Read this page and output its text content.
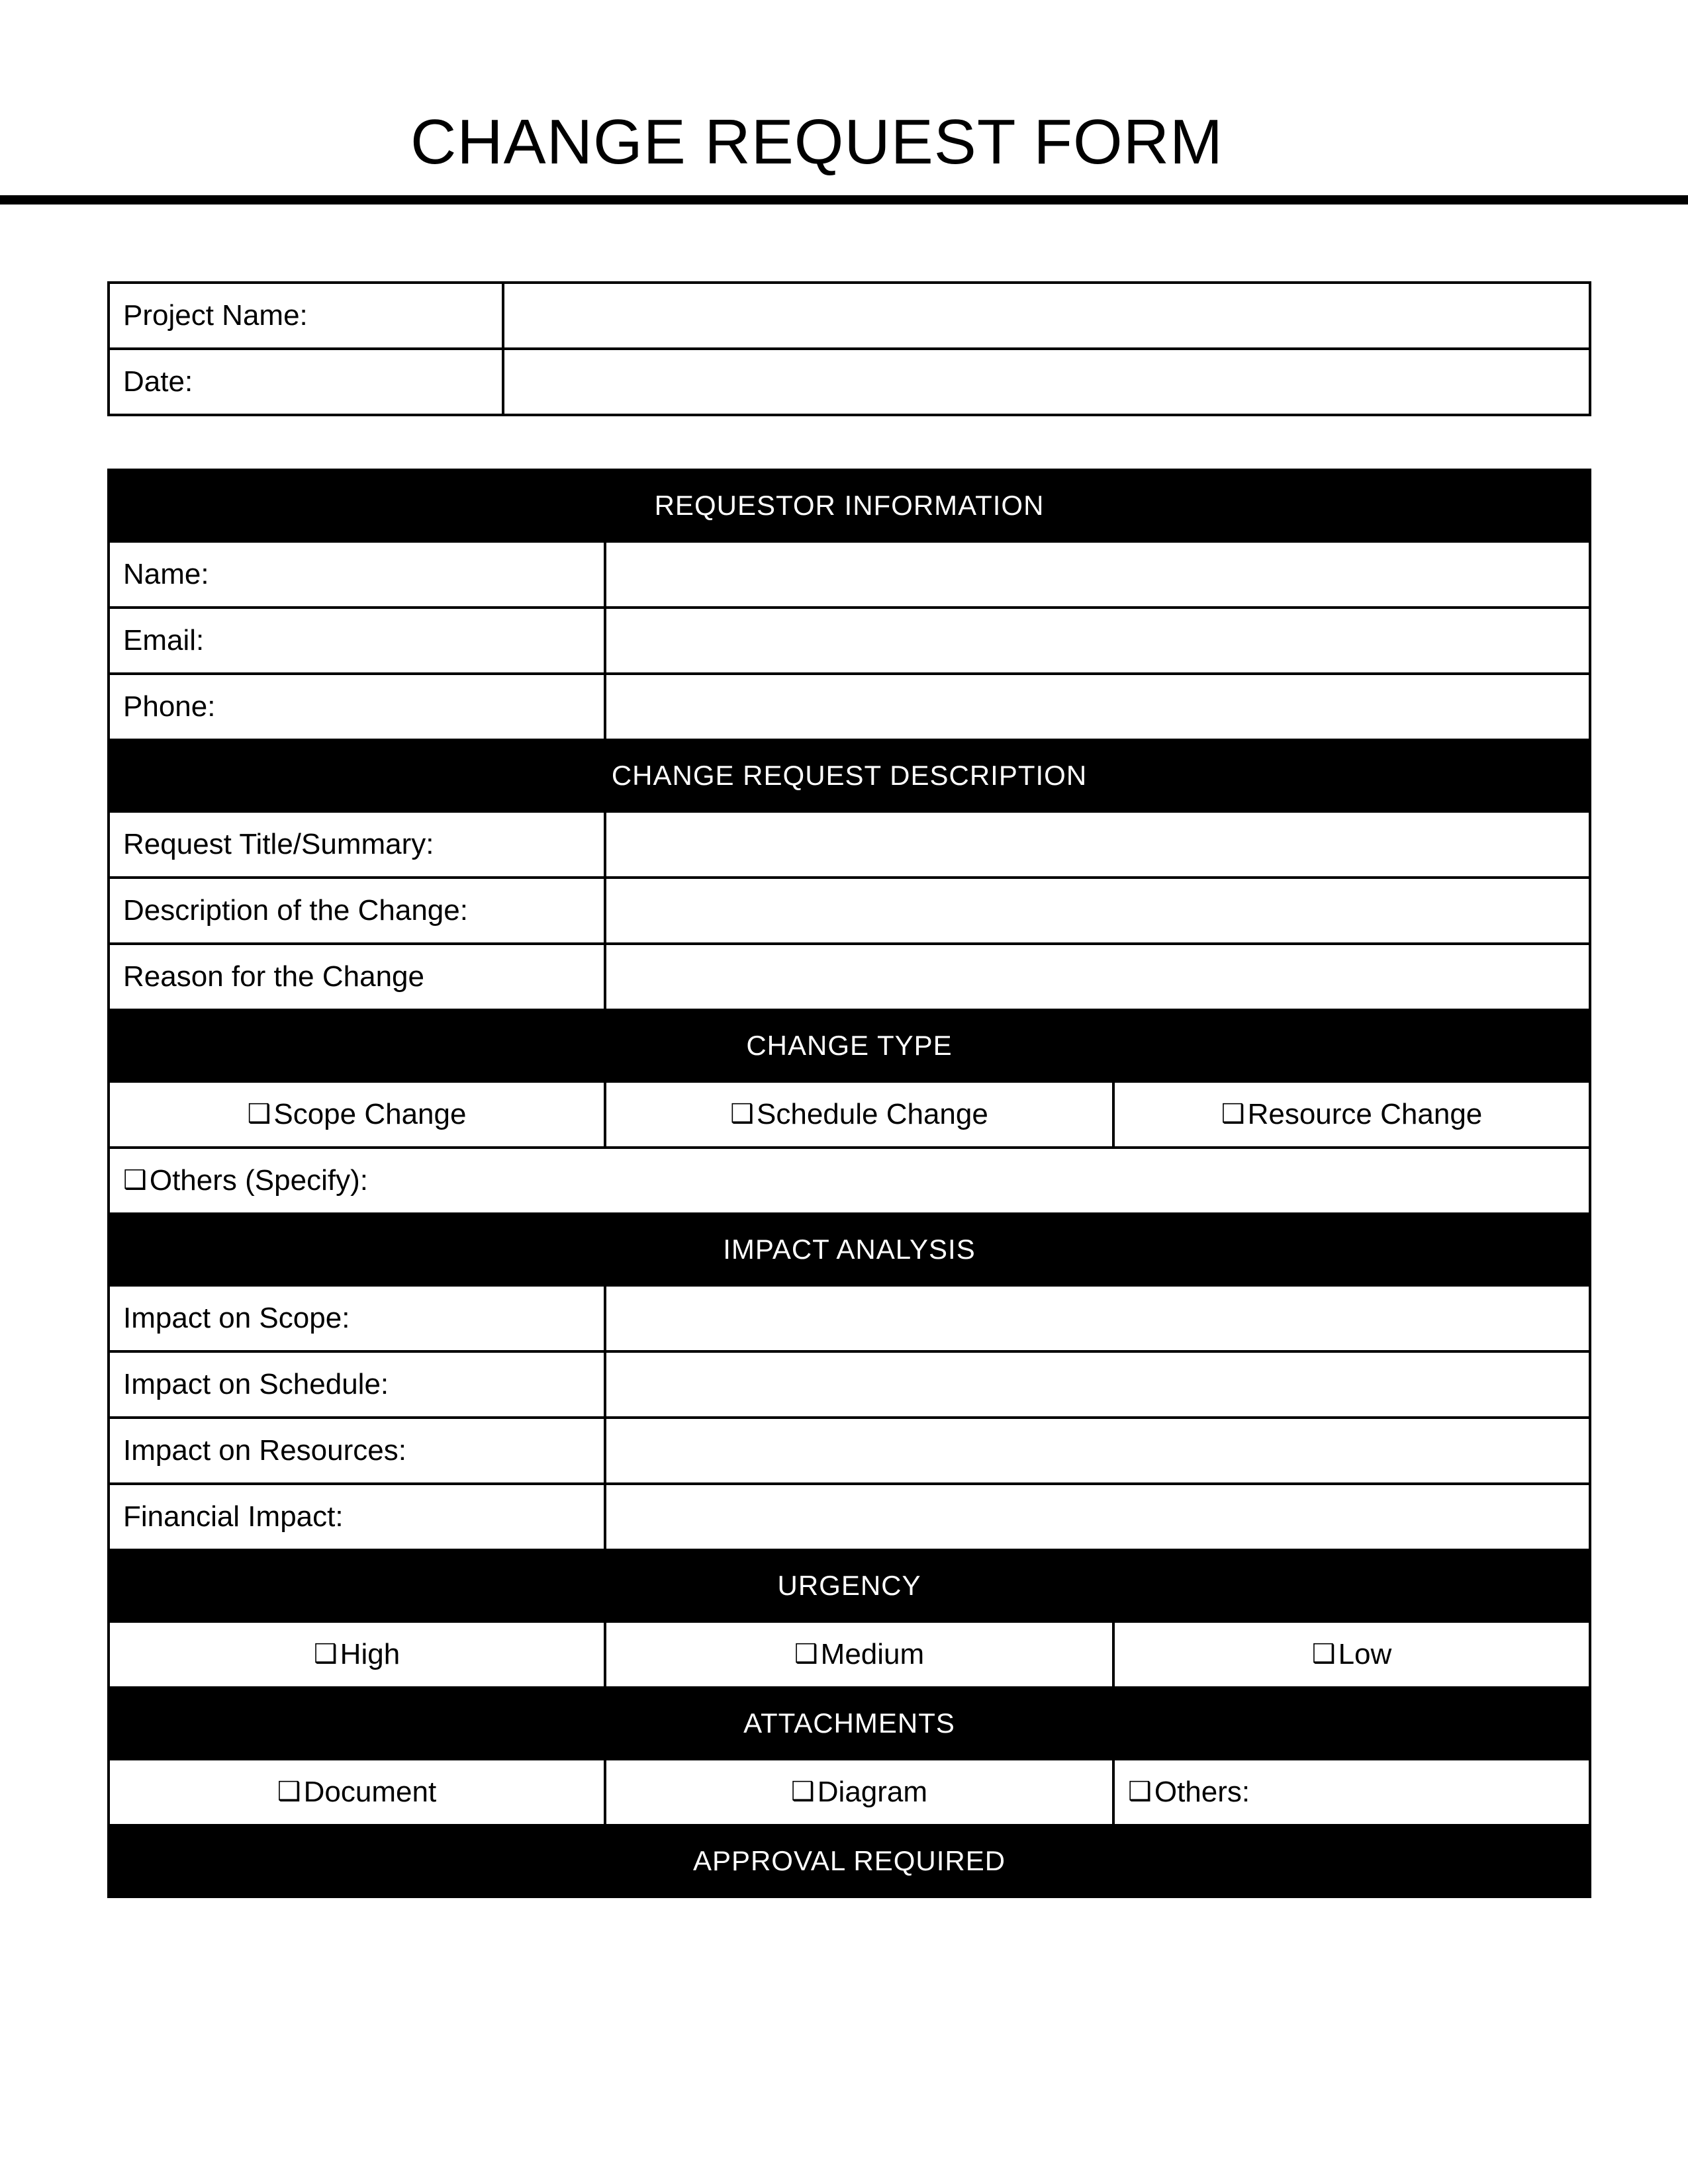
CHANGE REQUEST FORM
Project Name:	
Date:	
REQUESTOR INFORMATION		
Name:		
Email:		
Phone:		
CHANGE REQUEST DESCRIPTION		
Request Title/Summary:		
Description of the Change:		
Reason for the Change		
CHANGE TYPE		
❑Scope Change	❑Schedule Change	❑Resource Change
❑Others (Specify):		
IMPACT ANALYSIS		
Impact on Scope:		
Impact on Schedule:		
Impact on Resources:		
Financial Impact:		
URGENCY		
❑High	❑Medium	❑Low
ATTACHMENTS		
❑Document	❑Diagram	❑Others:
APPROVAL REQUIRED		
